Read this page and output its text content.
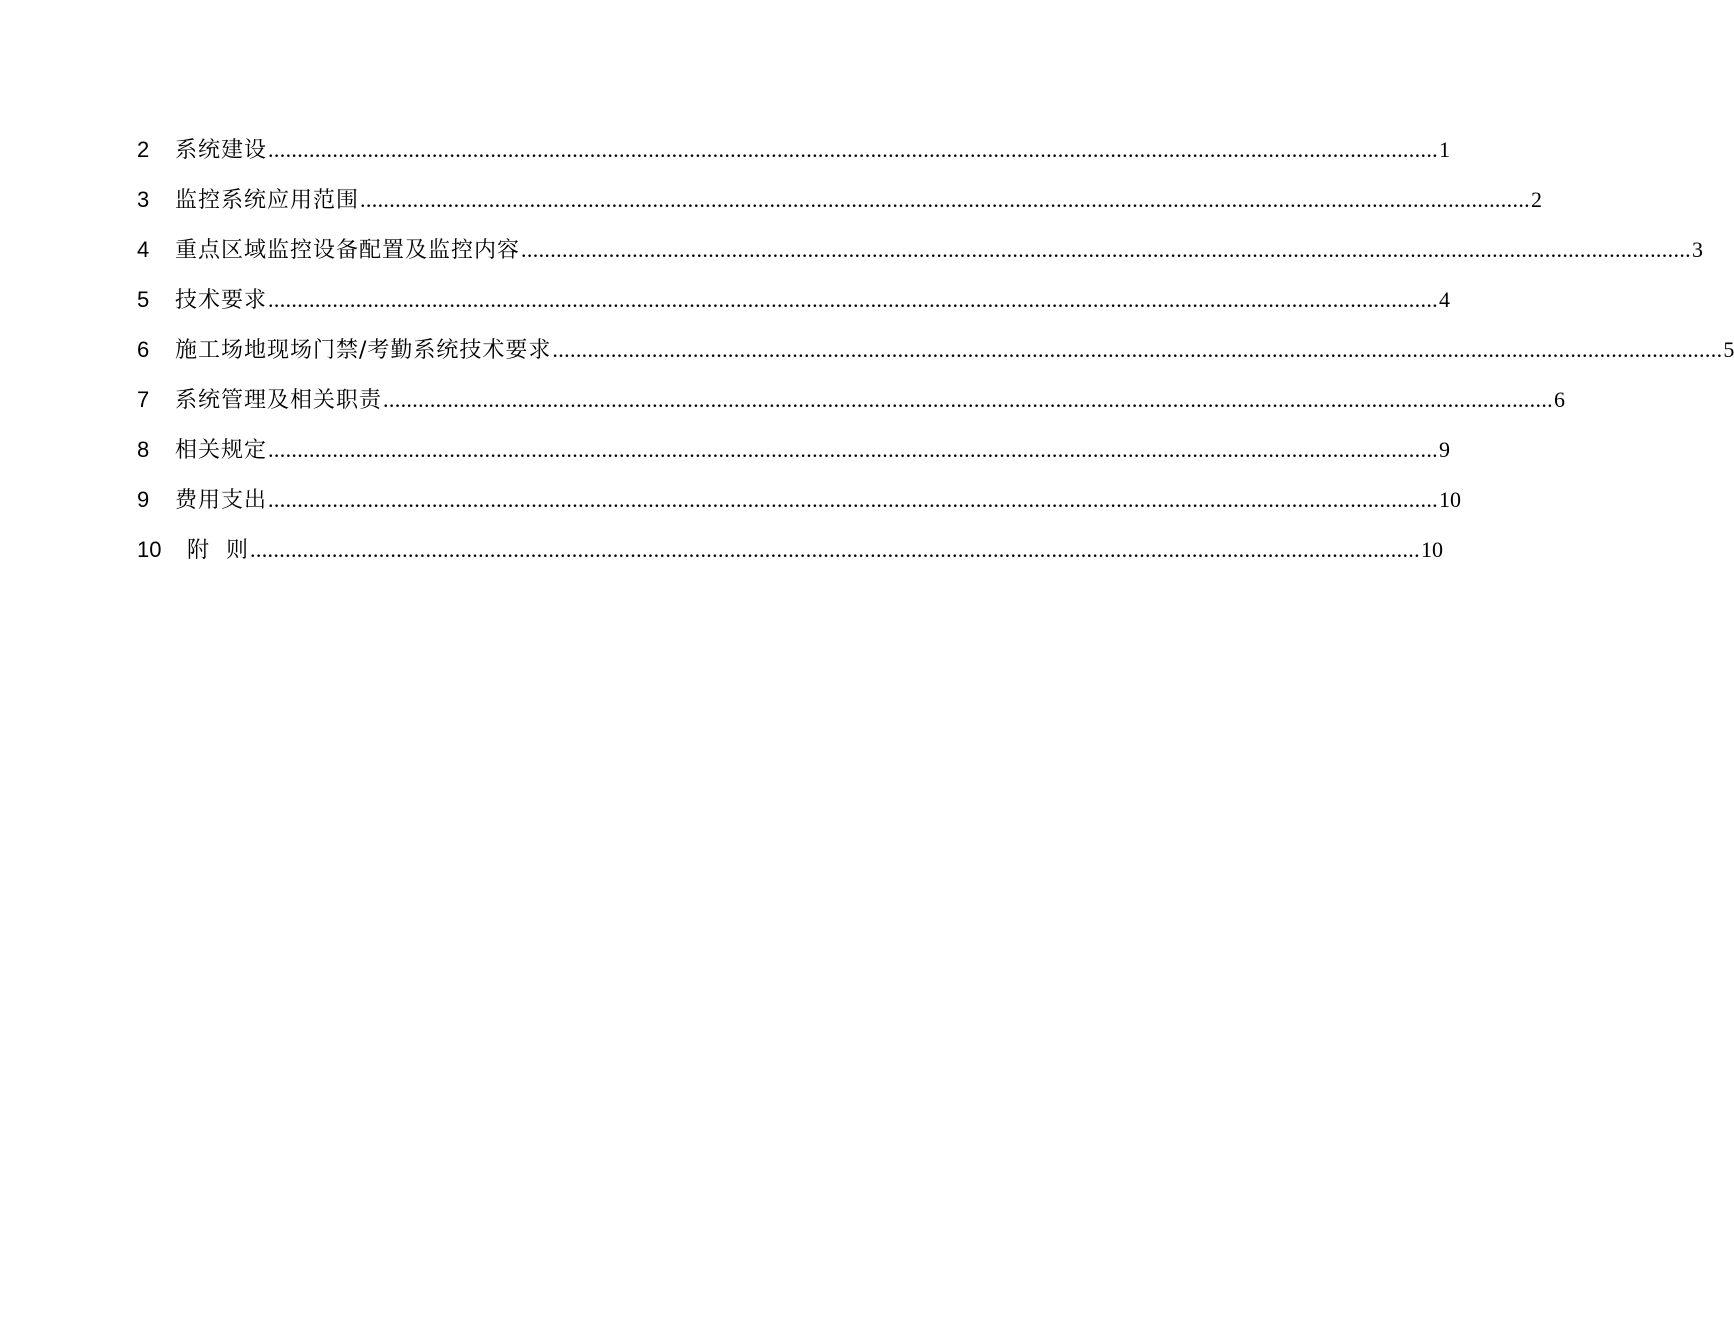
2	系统建设 ........................................................................................................................................................................................................ 1
3	监控系统应用范围 ........................................................................................................................................................................................................ 2
4	重点区域监控设备配置及监控内容 ........................................................................................................................................................................................................ 3
5	技术要求 ........................................................................................................................................................................................................ 4
6	施工场地现场门禁/考勤系统技术要求 ........................................................................................................................................................................................................ 5
7	系统管理及相关职责 ........................................................................................................................................................................................................ 6
8	相关规定 ........................................................................................................................................................................................................ 9
9	费用支出 ........................................................................................................................................................................................................ 10
10	附  则 ........................................................................................................................................................................................................ 10
